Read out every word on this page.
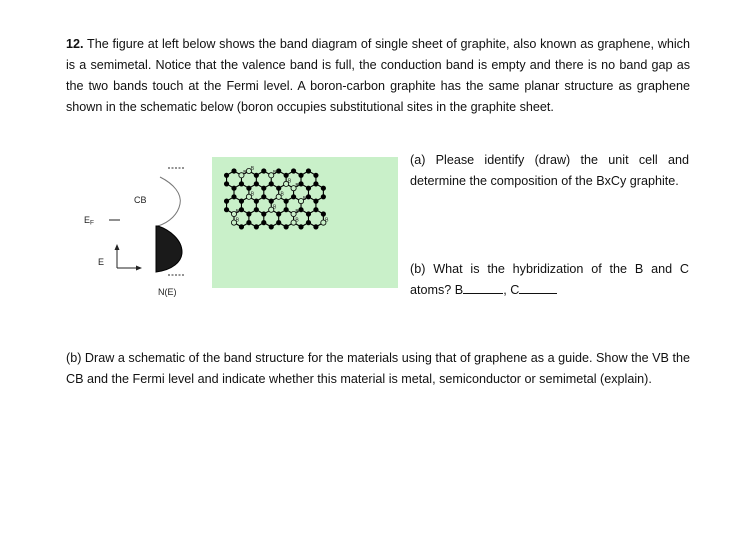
12. The figure at left below shows the band diagram of single sheet of graphite, also known as graphene, which is a semimetal. Notice that the valence band is full, the conduction band is empty and there is no band gap as the two bands touch at the Fermi level. A boron-carbon graphite has the same planar structure as graphene shown in the schematic below (boron occupies substitutional sites in the graphite sheet.
CB
VB
EF
E
N(E)
B
B
B
B
B
B	B
B
B
B
B
B	B	B
(a) Please identify (draw) the unit cell and determine the composition of the BxCy graphite.
(b) What is the hybridization of the B and C atoms? B	, C
(b) Draw a schematic of the band structure for the materials using that of graphene as a guide. Show the VB the CB and the Fermi level and indicate whether this material is metal, semiconductor or semimetal (explain).
